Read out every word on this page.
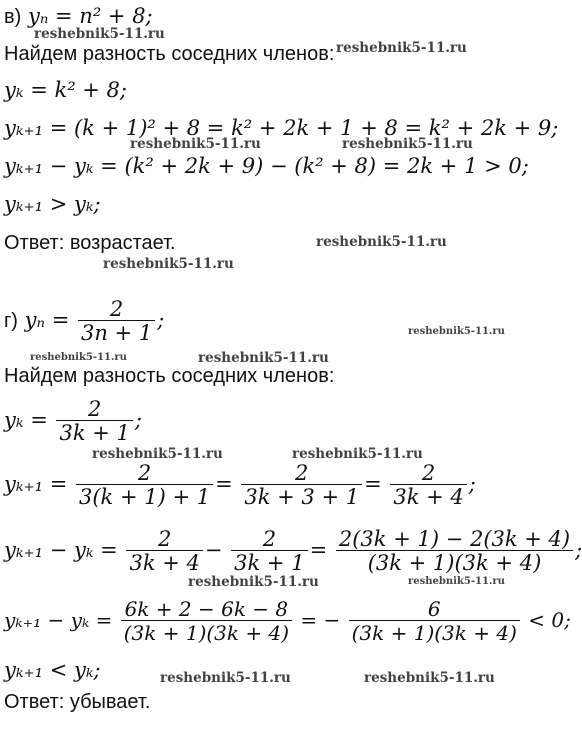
в) yₙ = n² + 8;
Найдем разность соседних членов:
yₖ = k² + 8;
yₖ₊₁ = (k + 1)² + 8 = k² + 2k + 1 + 8 = k² + 2k + 9;
yₖ₊₁ − yₖ = (k² + 2k + 9) − (k² + 8) = 2k + 1 > 0;
yₖ₊₁ > yₖ;
Ответ: возрастает.
г) $y_n = \frac{2}{3n + 1}$ ;
Найдем разность соседних членов:
$y_k = \frac{2}{3k + 1}$ ;
$y_{k+1} = \frac{2}{3(k + 1) + 1} = \frac{2}{3k + 3 + 1} = \frac{2}{3k + 4}$ ;
$y_{k+1} - y_k = \frac{2}{3k + 4} - \frac{2}{3k + 1} = \frac{2(3k + 1) - 2(3k + 4)}{(3k + 1)(3k + 4)}$ ;
$y_{k+1} - y_k = \frac{6k + 2 - 6k - 8}{(3k + 1)(3k + 4)}$ = − $\frac{6}{(3k + 1)(3k + 4)} < 0$;
yₖ₊₁ < yₖ;
Ответ: убывает.
reshebnik5-11.ru
reshebnik5-11.ru
reshebnik5-11.ru	reshebnik5-11.ru
reshebnik5-11.ru
reshebnik5-11.ru
reshebnik5-11.ru
reshebnik5-11.ru	reshebnik5-11.ru
reshebnik5-11.ru	reshebnik5-11.ru
reshebnik5-11.ru	reshebnik5-11.ru
reshebnik5-11.ru	reshebnik5-11.ru
